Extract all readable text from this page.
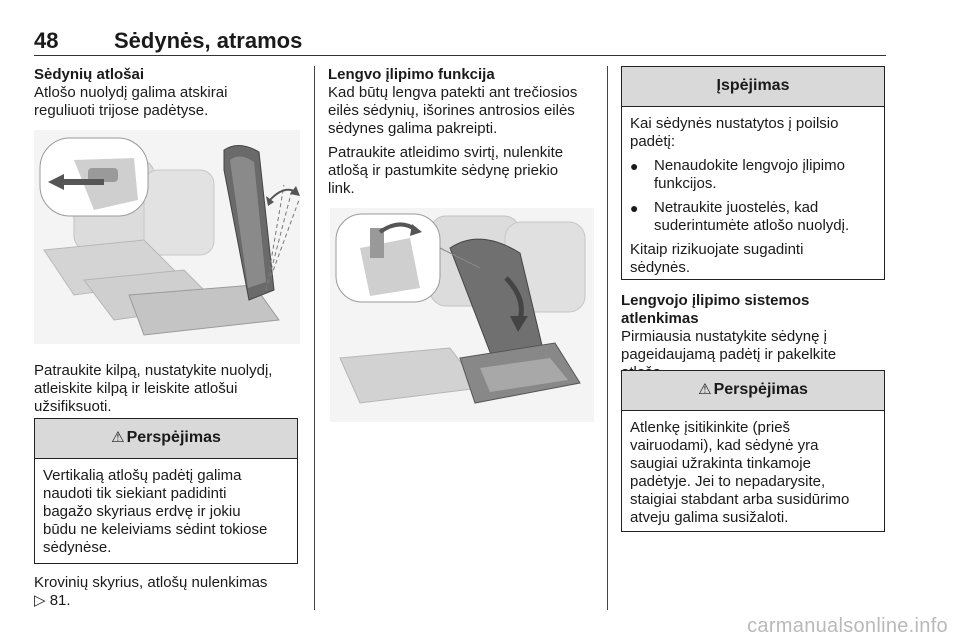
48	Sėdynės, atramos

Sėdynių atlošai

Atlošo nuolydį galima atskirai

reguliuoti trijose padėtyse.

Patraukite kilpą, nustatykite nuolydį,

atleiskite kilpą ir leiskite atlošui

užsifiksuoti.

⚠ Perspėjimas
Vertikalią atlošų padėtį galima
naudoti tik siekiant padidinti
bagažo skyriaus erdvę ir jokiu
būdu ne keleiviams sėdint tokiose
sėdynėse.

Krovinių skyrius, atlošų nulenkimas

▷ 81.

Lengvo įlipimo funkcija

Kad būtų lengva patekti ant trečiosios

eilės sėdynių, išorines antrosios eilės

sėdynes galima pakreipti.

Patraukite atleidimo svirtį, nulenkite

atlošą ir pastumkite sėdynę priekio

link.

Įspėjimas
Kai sėdynės nustatytos į poilsio
padėtį:
●	Nenaudokite lengvojo įlipimo
funkcijos.
●	Netraukite juostelės, kad
suderintumėte atlošo nuolydį.
Kitaip rizikuojate sugadinti
sėdynės.

Lengvojo įlipimo sistemos atlenkimas

Pirmiausia nustatykite sėdynę į

pageidaujamą padėtį ir pakelkite

⚠ Perspėjimas
Atlenkę įsitikinkite (prieš
vairuodami), kad sėdynė yra
saugiai užrakinta tinkamoje
padėtyje. Jei to nepadarysite,
staigiai stabdant arba susidūrimo
atveju galima susižaloti.
carmanualsonline.info
